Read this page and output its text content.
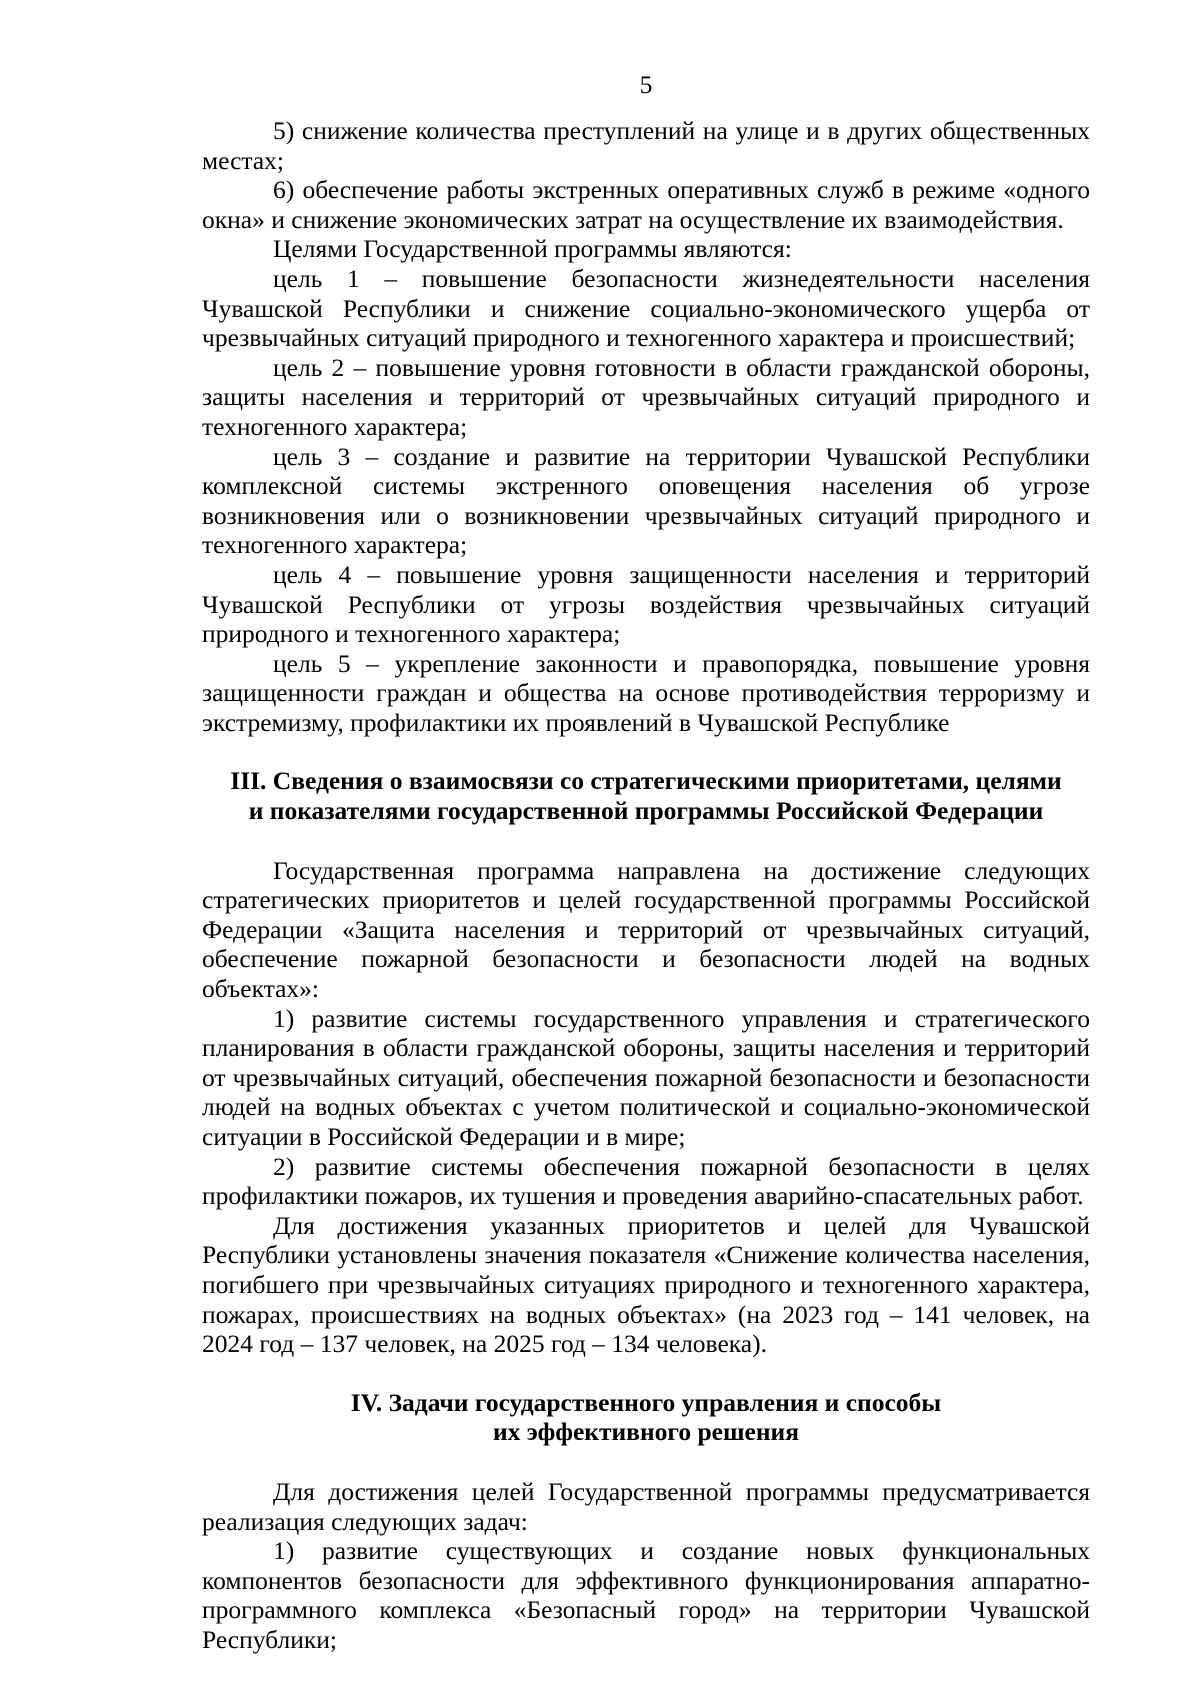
5

5) снижение количества преступлений на улице и в других общественных местах;

6) обеспечение работы экстренных оперативных служб в режиме «одного окна» и снижение экономических затрат на осуществление их взаимодействия.

Целями Государственной программы являются:

цель 1 – повышение безопасности жизнедеятельности населения Чувашской Республики и снижение социально-экономического ущерба от чрезвычайных ситуаций природного и техногенного характера и происшествий;

цель 2 – повышение уровня готовности в области гражданской обороны, защиты населения и территорий от чрезвычайных ситуаций природного и техногенного характера;

цель 3 – создание и развитие на территории Чувашской Республики комплексной системы экстренного оповещения населения об угрозе возникновения или о возникновении чрезвычайных ситуаций природного и техногенного характера;

цель 4 – повышение уровня защищенности населения и территорий Чувашской Республики от угрозы воздействия чрезвычайных ситуаций природного и техногенного характера;

цель 5 – укрепление законности и правопорядка, повышение уровня защищенности граждан и общества на основе противодействия терроризму и экстремизму, профилактики их проявлений в Чувашской Республике

III. Сведения о взаимосвязи со стратегическими приоритетами, целями
и показателями государственной программы Российской Федерации

Государственная программа направлена на достижение следующих стратегических приоритетов и целей государственной программы Российской Федерации «Защита населения и территорий от чрезвычайных ситуаций, обеспечение пожарной безопасности и безопасности людей на водных объектах»:

1) развитие системы государственного управления и стратегического планирования в области гражданской обороны, защиты населения и территорий от чрезвычайных ситуаций, обеспечения пожарной безопасности и безопасности людей на водных объектах с учетом политической и социально-экономической ситуации в Российской Федерации и в мире;

2) развитие системы обеспечения пожарной безопасности в целях профилактики пожаров, их тушения и проведения аварийно-спасательных работ.

Для достижения указанных приоритетов и целей для Чувашской Республики установлены значения показателя «Снижение количества населения, погибшего при чрезвычайных ситуациях природного и техногенного характера, пожарах, происшествиях на водных объектах» (на 2023 год – 141 человек, на 2024 год – 137 человек, на 2025 год – 134 человека).

IV. Задачи государственного управления и способы
их эффективного решения

Для достижения целей Государственной программы предусматривается реализация следующих задач:

1) развитие существующих и создание новых функциональных компонентов безопасности для эффективного функционирования аппаратно-программного комплекса «Безопасный город» на территории Чувашской Республики;
